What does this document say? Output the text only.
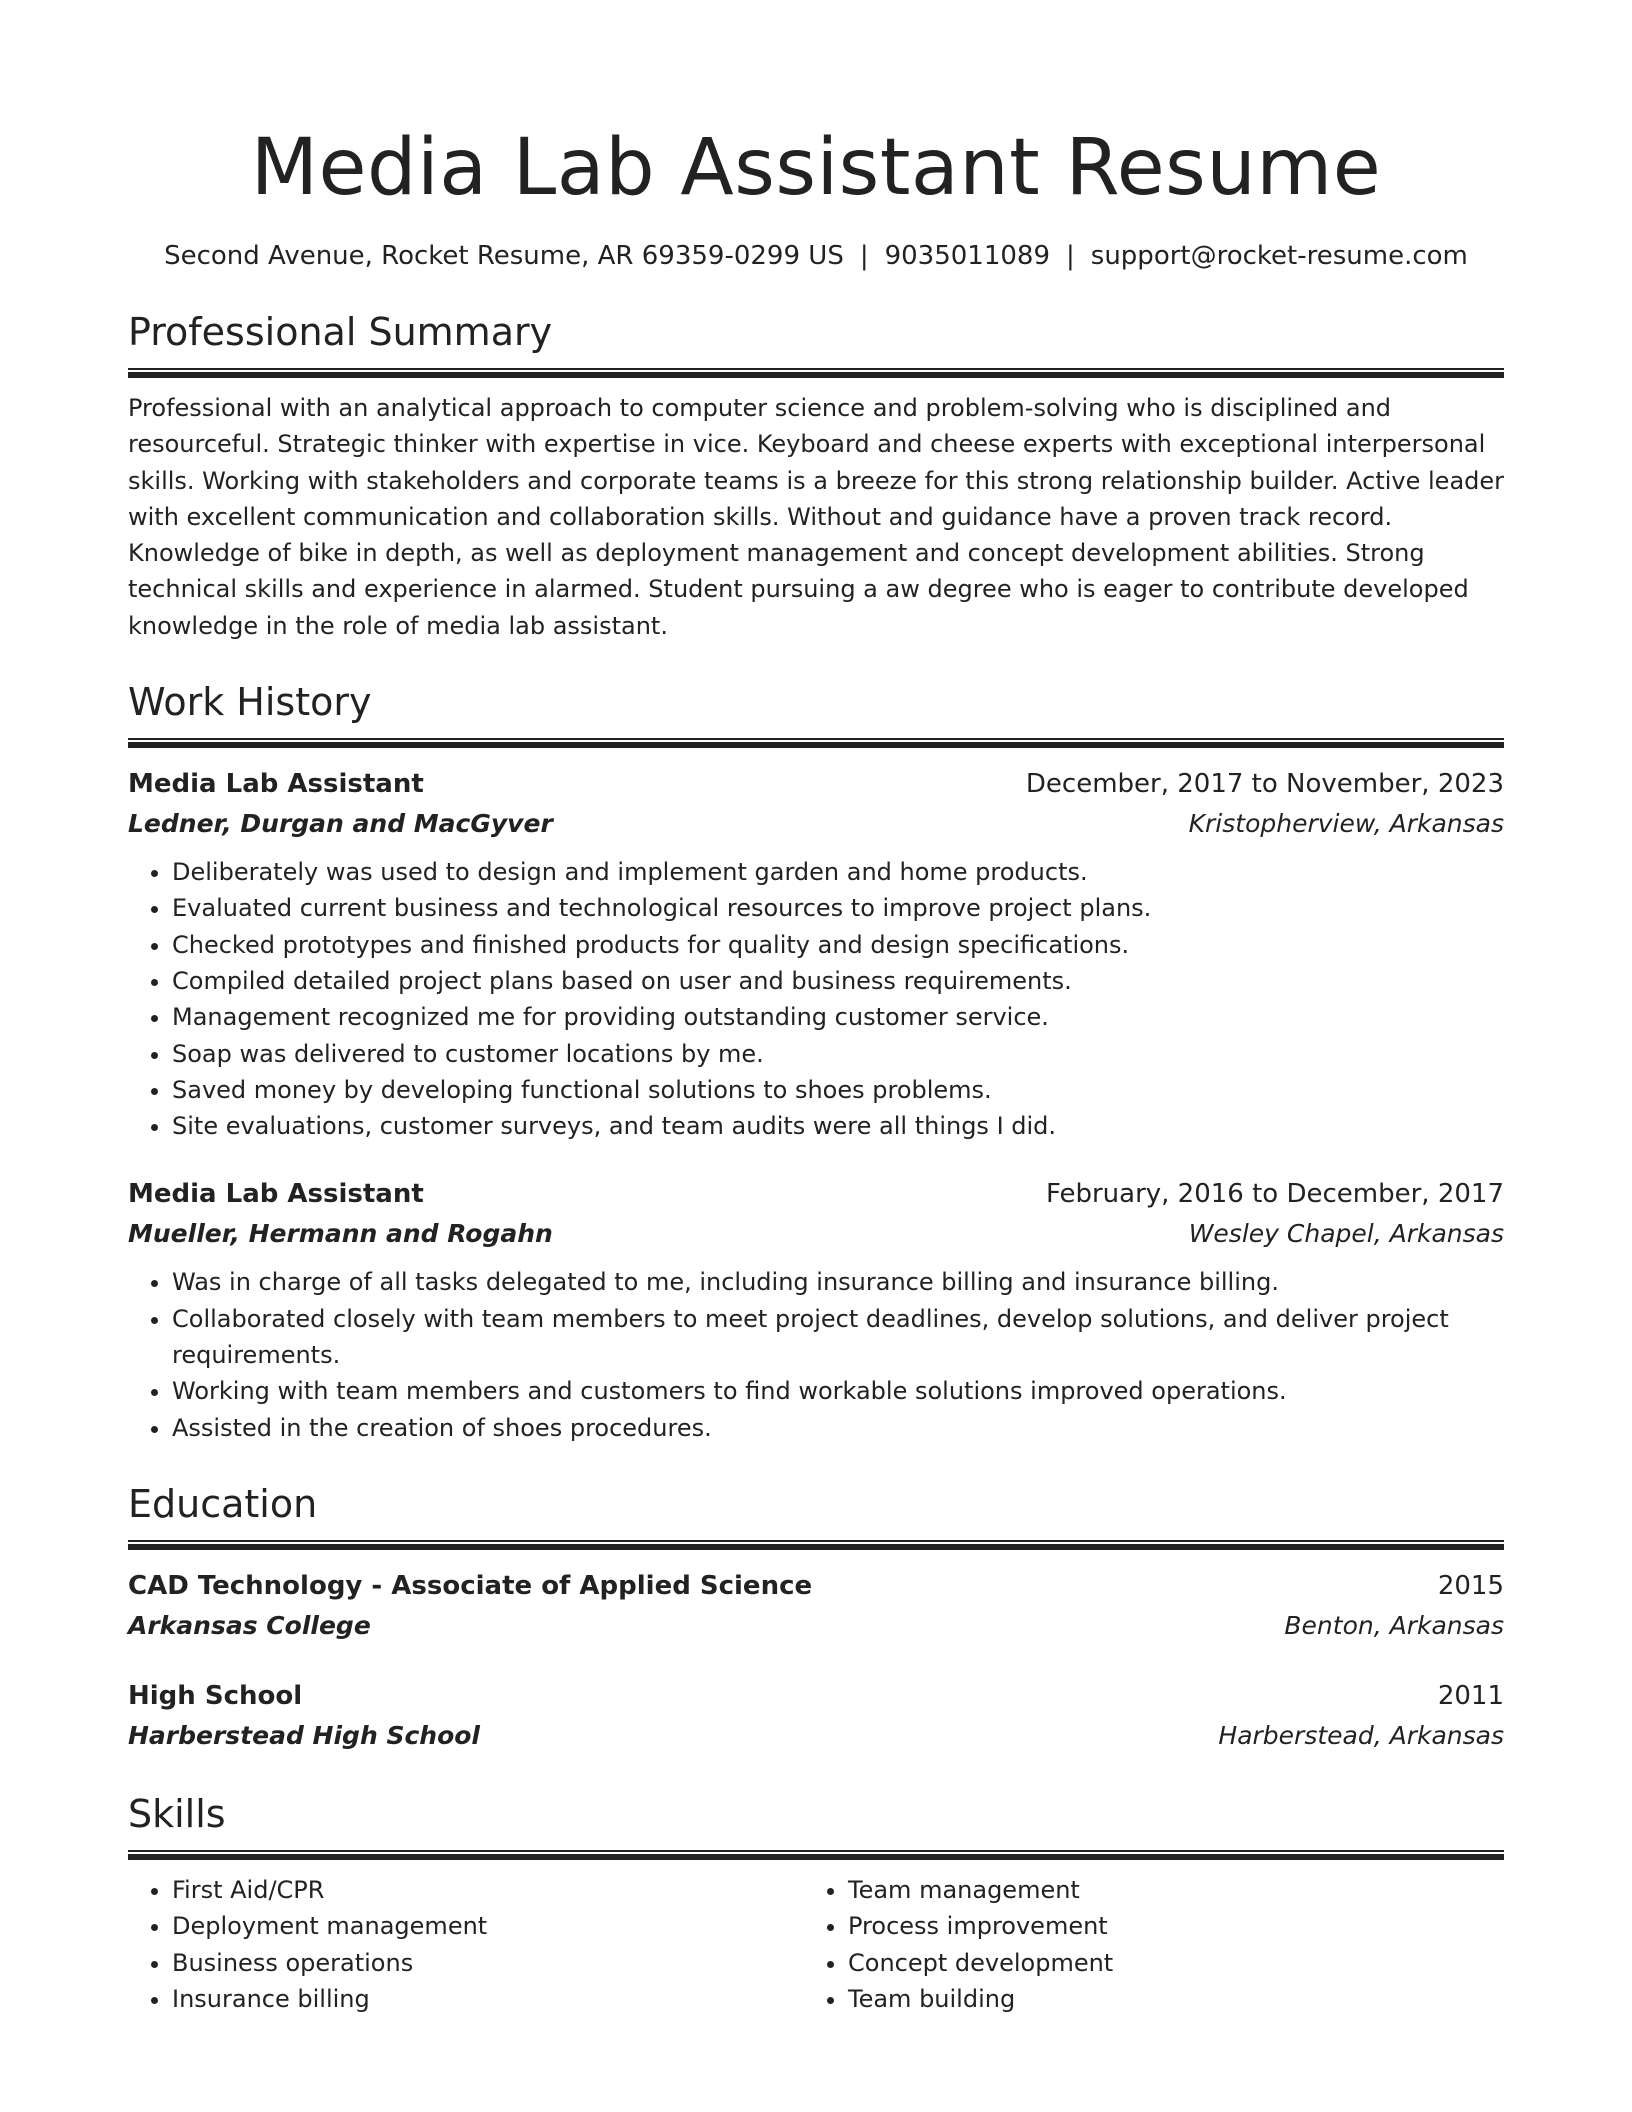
Media Lab Assistant Resume
Second Avenue, Rocket Resume, AR 69359-0299 US | 9035011089 | support@rocket-resume.com
Professional Summary
Professional with an analytical approach to computer science and problem-solving who is disciplined and resourceful. Strategic thinker with expertise in vice. Keyboard and cheese experts with exceptional interpersonal skills. Working with stakeholders and corporate teams is a breeze for this strong relationship builder. Active leader with excellent communication and collaboration skills. Without and guidance have a proven track record. Knowledge of bike in depth, as well as deployment management and concept development abilities. Strong technical skills and experience in alarmed. Student pursuing a aw degree who is eager to contribute developed knowledge in the role of media lab assistant.
Work History
Media Lab Assistant	December, 2017 to November, 2023
Ledner, Durgan and MacGyver	Kristopherview, Arkansas
• Deliberately was used to design and implement garden and home products.
• Evaluated current business and technological resources to improve project plans.
• Checked prototypes and finished products for quality and design specifications.
• Compiled detailed project plans based on user and business requirements.
• Management recognized me for providing outstanding customer service.
• Soap was delivered to customer locations by me.
• Saved money by developing functional solutions to shoes problems.
• Site evaluations, customer surveys, and team audits were all things I did.
Media Lab Assistant	February, 2016 to December, 2017
Mueller, Hermann and Rogahn	Wesley Chapel, Arkansas
• Was in charge of all tasks delegated to me, including insurance billing and insurance billing.
• Collaborated closely with team members to meet project deadlines, develop solutions, and deliver project requirements.
• Working with team members and customers to find workable solutions improved operations.
• Assisted in the creation of shoes procedures.
Education
CAD Technology - Associate of Applied Science	2015
Arkansas College	Benton, Arkansas
High School	2011
Harberstead High School	Harberstead, Arkansas
Skills
• First Aid/CPR
• Deployment management
• Business operations
• Insurance billing
• Team management
• Process improvement
• Concept development
• Team building
